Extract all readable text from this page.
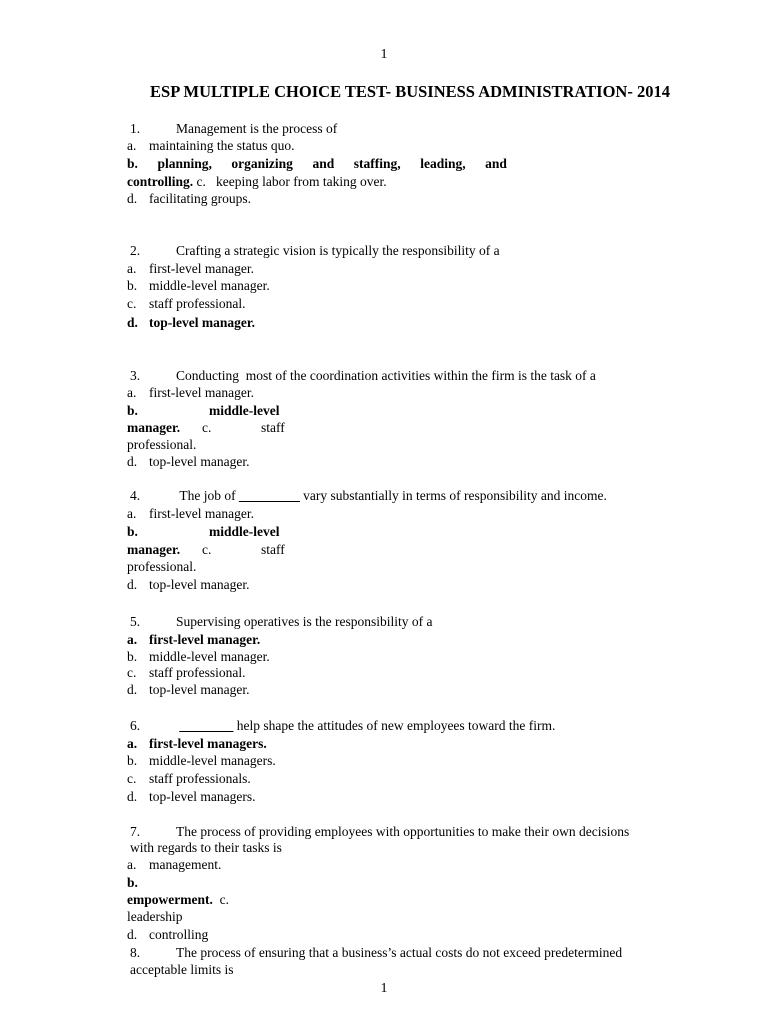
1
ESP MULTIPLE CHOICE TEST- BUSINESS ADMINISTRATION- 2014
1.	Management is the process of
a. maintaining the status quo.
b. planning, organizing and staffing, leading, and
controlling. c. keeping labor from taking over.
d. facilitating groups.
2.	Crafting a strategic vision is typically the responsibility of a
a. first-level manager.
b. middle-level manager.
c. staff professional.
d. top-level manager.
3.	Conducting  most of the coordination activities within the firm is the task of a
a. first-level manager.
b.	middle-level
manager. c.	staff
professional.
d. top-level manager.
4.	The job of _________ vary substantially in terms of responsibility and income.
a. first-level manager.
b.	middle-level
manager. c.	staff
professional.
d. top-level manager.
5.	Supervising operatives is the responsibility of a
a. first-level manager.
b. middle-level manager.
c. staff professional.
d. top-level manager.
6.	________ help shape the attitudes of new employees toward the firm.
a. first-level managers.
b. middle-level managers.
c. staff professionals.
d. top-level managers.
7.	The process of providing employees with opportunities to make their own decisions
with regards to their tasks is
a. management.
b.
empowerment. c.
leadership
d. controlling
8.	The process of ensuring that a business’s actual costs do not exceed predetermined
acceptable limits is
1
